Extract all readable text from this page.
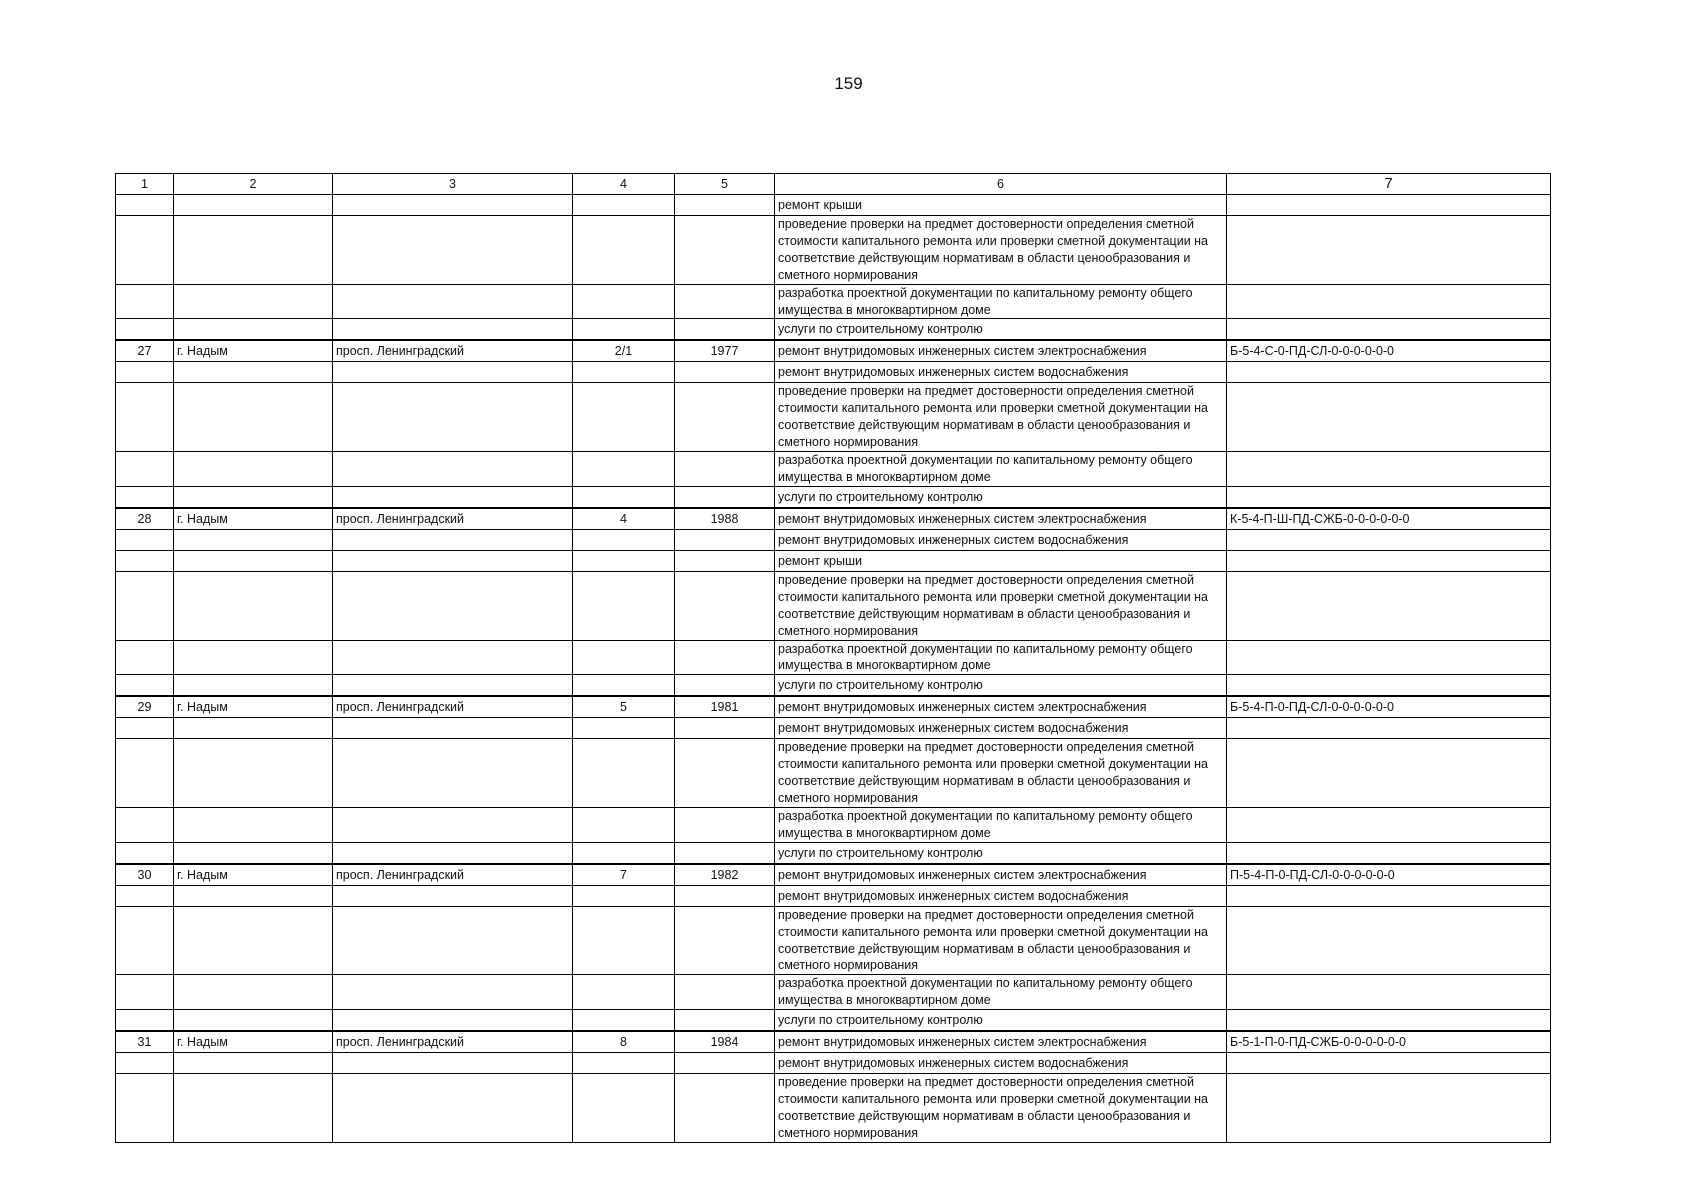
159
1	2	3	4	5	6	7
					ремонт крыши	
					проведение проверки на предмет достоверности определения сметной стоимости капитального ремонта или проверки сметной документации на соответствие действующим нормативам в области ценообразования и сметного нормирования	
					разработка проектной документации по капитальному ремонту общего имущества в многоквартирном доме	
					услуги по строительному контролю	
27	г. Надым	просп. Ленинградский	2/1	1977	ремонт внутридомовых инженерных систем электроснабжения	Б-5-4-С-0-ПД-СЛ-0-0-0-0-0-0
					ремонт внутридомовых инженерных систем водоснабжения	
					проведение проверки на предмет достоверности определения сметной стоимости капитального ремонта или проверки сметной документации на соответствие действующим нормативам в области ценообразования и сметного нормирования	
					разработка проектной документации по капитальному ремонту общего имущества в многоквартирном доме	
					услуги по строительному контролю	
28	г. Надым	просп. Ленинградский	4	1988	ремонт внутридомовых инженерных систем электроснабжения	К-5-4-П-Ш-ПД-СЖБ-0-0-0-0-0-0
					ремонт внутридомовых инженерных систем водоснабжения	
					ремонт крыши	
					проведение проверки на предмет достоверности определения сметной стоимости капитального ремонта или проверки сметной документации на соответствие действующим нормативам в области ценообразования и сметного нормирования	
					разработка проектной документации по капитальному ремонту общего имущества в многоквартирном доме	
					услуги по строительному контролю	
29	г. Надым	просп. Ленинградский	5	1981	ремонт внутридомовых инженерных систем электроснабжения	Б-5-4-П-0-ПД-СЛ-0-0-0-0-0-0
					ремонт внутридомовых инженерных систем водоснабжения	
					проведение проверки на предмет достоверности определения сметной стоимости капитального ремонта или проверки сметной документации на соответствие действующим нормативам в области ценообразования и сметного нормирования	
					разработка проектной документации по капитальному ремонту общего имущества в многоквартирном доме	
					услуги по строительному контролю	
30	г. Надым	просп. Ленинградский	7	1982	ремонт внутридомовых инженерных систем электроснабжения	П-5-4-П-0-ПД-СЛ-0-0-0-0-0-0
					ремонт внутридомовых инженерных систем водоснабжения	
					проведение проверки на предмет достоверности определения сметной стоимости капитального ремонта или проверки сметной документации на соответствие действующим нормативам в области ценообразования и сметного нормирования	
					разработка проектной документации по капитальному ремонту общего имущества в многоквартирном доме	
					услуги по строительному контролю	
31	г. Надым	просп. Ленинградский	8	1984	ремонт внутридомовых инженерных систем электроснабжения	Б-5-1-П-0-ПД-СЖБ-0-0-0-0-0-0
					ремонт внутридомовых инженерных систем водоснабжения	
					проведение проверки на предмет достоверности определения сметной стоимости капитального ремонта или проверки сметной документации на соответствие действующим нормативам в области ценообразования и сметного нормирования	
